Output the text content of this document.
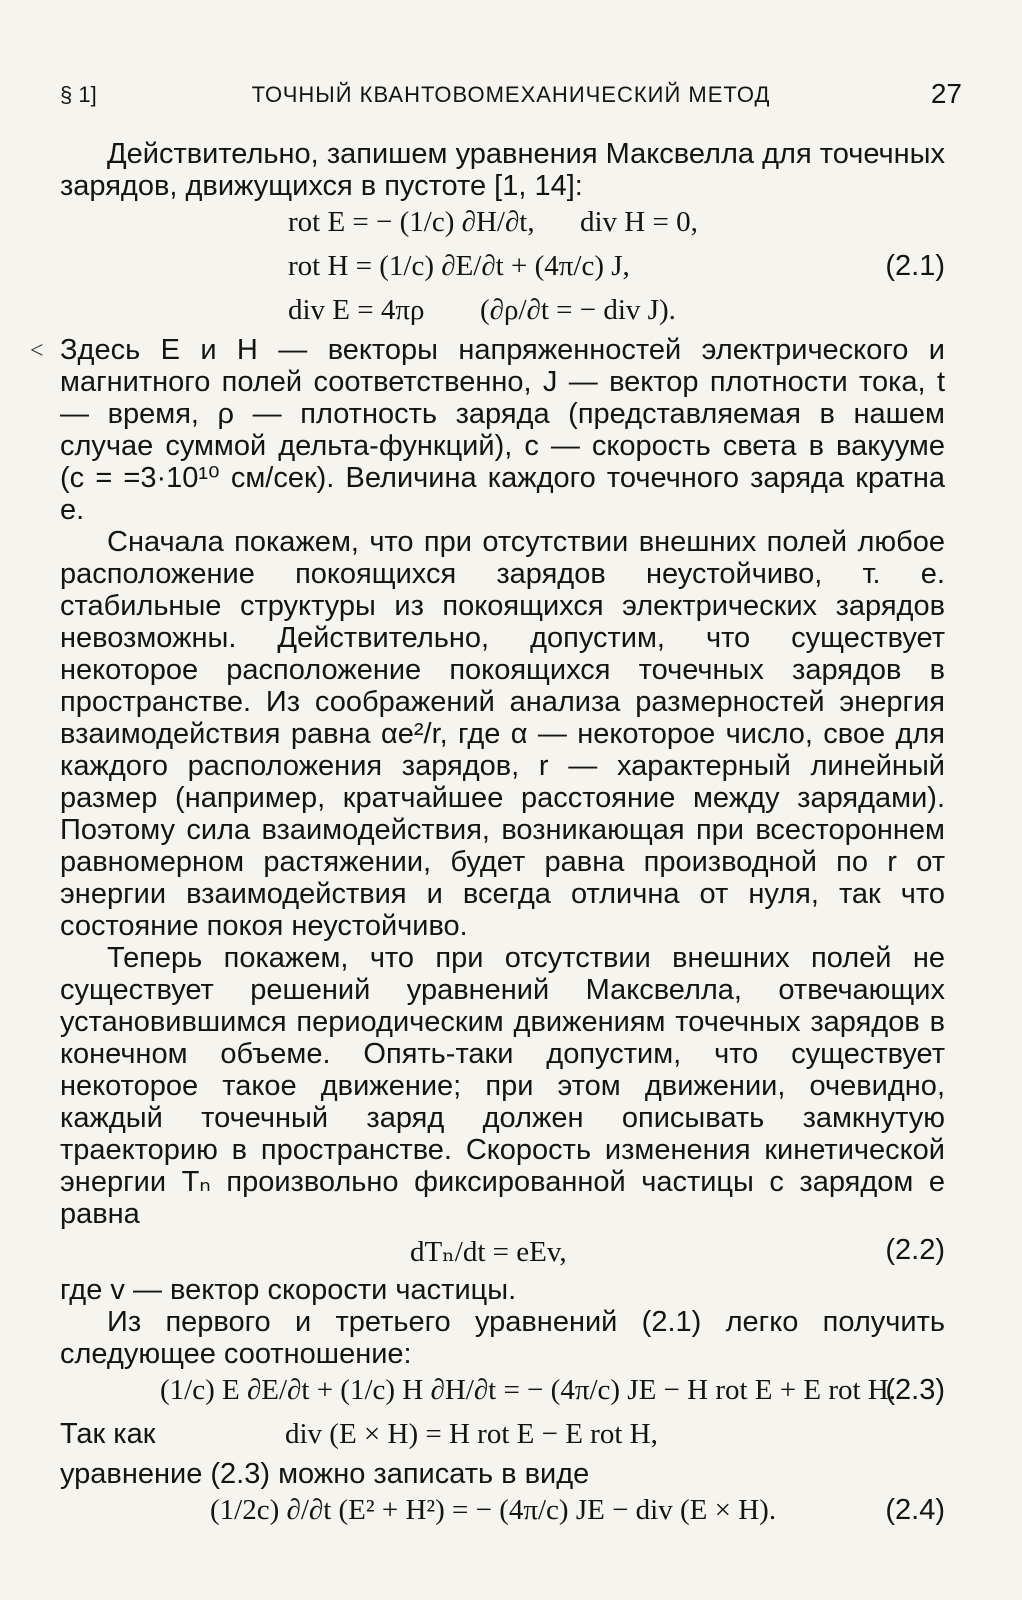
§ 1]	ТОЧНЫЙ КВАНТОВОМЕХАНИЧЕСКИЙ МЕТОД	27
<

Действительно, запишем уравнения Максвелла для точечных зарядов, движущихся в пустоте [1, 14]:

rot E = − (1/c) ∂H/∂t, div H = 0,
rot H = (1/c) ∂E/∂t + (4π/c) J,	(2.1)
div E = 4πρ (∂ρ/∂t = − div J).

Здесь E и H — векторы напряженностей электрического и магнитного полей соответственно, J — вектор плотности тока, t — время, ρ — плотность заряда (представляемая в нашем случае суммой дельта-функций), c — скорость света в вакууме (c = =3·10¹⁰ см/сек). Величина каждого точечного заряда кратна e.

Сначала покажем, что при отсутствии внешних полей любое расположение покоящихся зарядов неустойчиво, т. е. стабильные структуры из покоящихся электрических зарядов невозможны. Действительно, допустим, что существует некоторое расположение покоящихся точечных зарядов в пространстве. Из соображений анализа размерностей энергия взаимодействия равна αe²/r, где α — некоторое число, свое для каждого расположения зарядов, r — характерный линейный размер (например, кратчайшее расстояние между зарядами). Поэтому сила взаимодействия, возникающая при всестороннем равномерном растяжении, будет равна производной по r от энергии взаимодействия и всегда отлична от нуля, так что состояние покоя неустойчиво.

Теперь покажем, что при отсутствии внешних полей не существует решений уравнений Максвелла, отвечающих установившимся периодическим движениям точечных зарядов в конечном объеме. Опять-таки допустим, что существует некоторое такое движение; при этом движении, очевидно, каждый точечный заряд должен описывать замкнутую траекторию в пространстве. Скорость изменения кинетической энергии Tₙ произвольно фиксированной частицы с зарядом e равна

dTₙ/dt = eEv,	(2.2)

где v — вектор скорости частицы.

Из первого и третьего уравнений (2.1) легко получить следующее соотношение:

(1/c) E ∂E/∂t + (1/c) H ∂H/∂t = − (4π/c) JE − H rot E + E rot H.
(2.3)
Так как	div (E × H) = H rot E − E rot H,

уравнение (2.3) можно записать в виде

(1/2c) ∂/∂t (E² + H²) = − (4π/c) JE − div (E × H).	(2.4)
